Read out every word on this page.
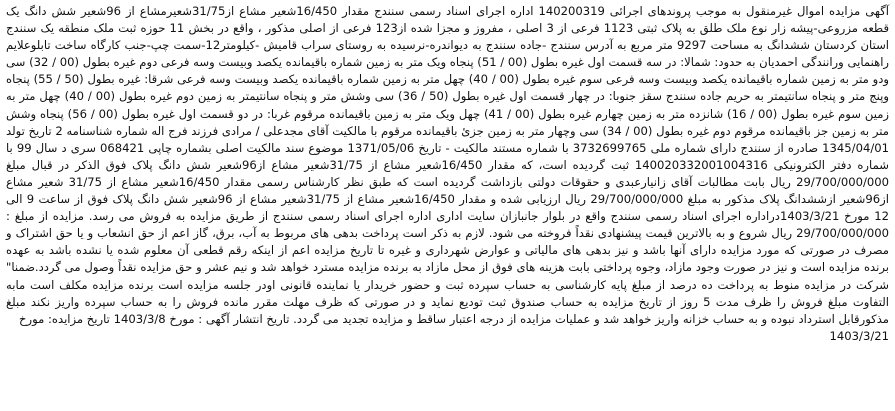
آگهی مزایده اموال غیرمنقول به موجب پروندهای اجرائی 140200319 اداره اجرای اسناد رسمی سنندج مقدار 16/450شعیر مشاع از31/75شعیرمشاع از 96شعیر شش دانگ یک قطعه مزروعی-پیشه زار نوع ملک طلق به پلاک ثبتی 1123 فرعی از 3 اصلی ، مفروز و مجزا شده از123 فرعی از اصلی مذکور ، واقع در بخش 11 حوزه ثبت ملک منطقه یک سنندج استان کردستان ششدانگ به مساحت 9297 متر مربع به آدرس سنندج -جاده سنندج به دیواندره-نرسیده به روستای سراب قامیش -کیلومتر12-سمت چپ-جنب کارگاه ساخت تابلوعلایم راهنمایی ورانندگی احمدیان به حدود: شمالا: در سه قسمت اول غیره بطول (00 / 51) پنجاه ویک متر به زمین شماره باقیمانده یکصد وبیست وسه فرعی دوم غیره بطول (00 / 32) سی ودو متر به زمین شماره باقیمانده یکصد وبیست وسه فرعی سوم غیره بطول (00 / 40) چهل متر به زمین شماره باقیمانده یکصد وبیست وسه فرعی شرقا: غیره بطول (50 / 55) پنجاه وپنج متر و پنجاه سانتیمتر به حریم جاده سنندج سقز جنوبا: در چهار قسمت اول غیره بطول (50 / 36) سی وشش متر و پنجاه سانتیمتر به زمین دوم غیره بطول (00 / 40) چهل متر به زمین سوم غیره بطول (00 / 16) شانزده متر به زمین چهارم غیره بطول (00 / 41) چهل ویک متر به زمین باقیمانده مرقوم غربا: در دو قسمت اول غیره بطول (00 / 56) پنجاه وشش متر به زمین جز باقیمانده مرقوم دوم غیره بطول (00 / 34) سی وچهار متر به زمین جزئ باقیمانده مرقوم با مالکیت آقای مجدعلی / مرادی فرزند فرج اله شماره شناسنامه 2 تاریخ تولد 1345/04/01 صادره از سنندج دارای شماره ملی 3732699765 با شماره مستند مالکیت - تاریخ 1371/05/06 موضوع سند مالکیت اصلی بشماره چاپی 068421 سری د سال 99 با شماره دفتر الکترونیکی 140020332001004316 ثبت گردیده است، که مقدار 16/450شعیر مشاع از 31/75شعیر مشاع از96شعیر شش دانگ پلاک فوق الذکر در قبال مبلغ 29/700/000/000 ریال بابت مطالبات آقای زانیارعبدی و حقوقات دولتی بازداشت گردیده است که طبق نظر کارشناس رسمی مقدار 16/450شعیر مشاع از 31/75 شعیر مشاع از96شعیر ازششدانگ پلاک مذکور به مبلغ 29/700/000/000 ریال ارزیابی شده و مقدار 16/450شعیر مشاع از 31/75شعیر مشاع از 96شعیر شش دانگ پلاک فوق از ساعت 9 الی 12 مورخ 1403/3/21دراداره اجرای اسناد رسمی سنندج واقع در بلوار جانبازان سایت اداری اداره اجرای اسناد رسمی سنندج از طریق مزایده به فروش می رسد. مزایده از مبلغ : 29/700/000/000 ریال شروع و به بالاترین قیمت پیشنهادی نقداً فروخته می شود. لازم به ذکر است پرداخت بدهی های مربوط به آب، برق، گاز اعم از حق انشعاب و یا حق اشتراک و مصرف در صورتی که مورد مزایده دارای آنها باشد و نیز بدهی های مالیاتی و عوارض شهرداری و غیره تا تاریخ مزایده اعم از اینکه رقم قطعی آن معلوم شده یا نشده باشد به عهده برنده مزایده است و نیز در صورت وجود مازاد، وجوه پرداختی بابت هزینه های فوق از محل مازاد به برنده مزایده مسترد خواهد شد و نیم عشر و حق مزایده نقداً وصول می گردد.ضمنا" شرکت در مزایده منوط به پرداخت ده درصد از مبلغ پایه کارشناسی به حساب سپرده ثبت و حضور خریدار یا نماینده قانونی اودر جلسه مزایده است برنده مزایده مکلف است مابه التفاوت مبلغ فروش را ظرف مدت 5 روز از تاریخ مزایده به حساب صندوق ثبت تودیع نماید و در صورتی که ظرف مهلت مقرر مانده فروش را به حساب سپرده واریز نکند مبلغ مذکورقابل استرداد نبوده و به حساب خزانه واریز خواهد شد و عملیات مزایده از درجه اعتبار ساقط و مزایده تجدید می گردد. تاریخ انتشار آگهی : مورخ 1403/3/8 تاریخ مزایده: مورخ

1403/3/21
